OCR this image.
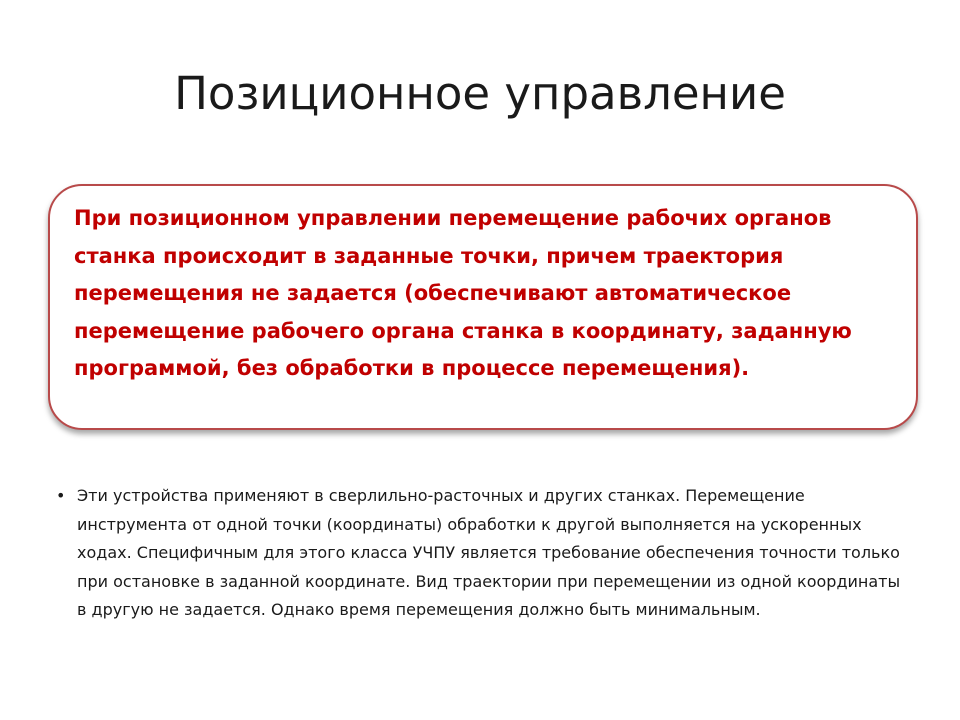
Позиционное управление

При позиционном управлении перемещение рабочих органов станка происходит в заданные точки, причем траектория перемещения не задается (обеспечивают автоматическое перемещение рабочего органа станка в координату, заданную программой, без обработки в процессе перемещения).

• Эти устройства применяют в сверлильно-расточных и других станках. Перемещение инструмента от одной точки (координаты) обработки к другой выполняется на ускоренных ходах. Специфичным для этого класса УЧПУ является требование обеспечения точности только при остановке в заданной координате. Вид траектории при перемещении из одной координаты в другую не задается. Однако время перемещения должно быть минимальным.
